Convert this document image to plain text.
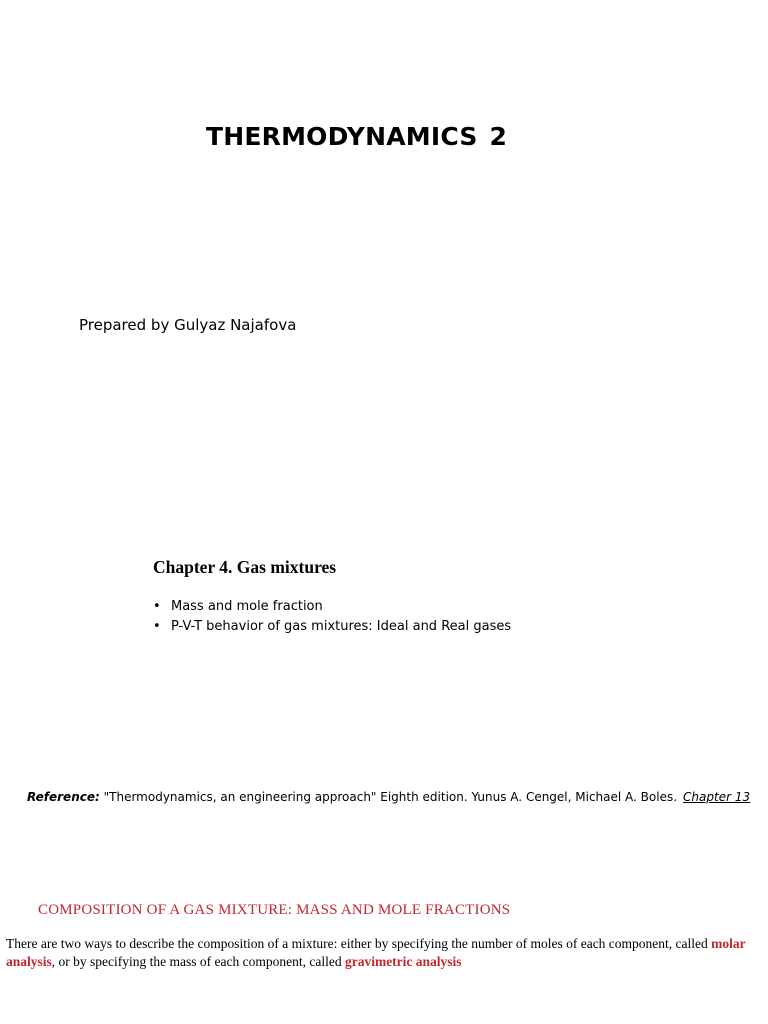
THERMODYNAMICS 2
Prepared by Gulyaz Najafova
Chapter 4. Gas mixtures
• Mass and mole fraction
• P-V-T behavior of gas mixtures: Ideal and Real gases
Reference: "Thermodynamics, an engineering approach" Eighth edition. Yunus A. Cengel, Michael A. Boles. Chapter 13
COMPOSITION OF A GAS MIXTURE: MASS AND MOLE FRACTIONS
There are two ways to describe the composition of a mixture: either by specifying the number of moles of each component, called molar analysis, or by specifying the mass of each component, called gravimetric analysis
